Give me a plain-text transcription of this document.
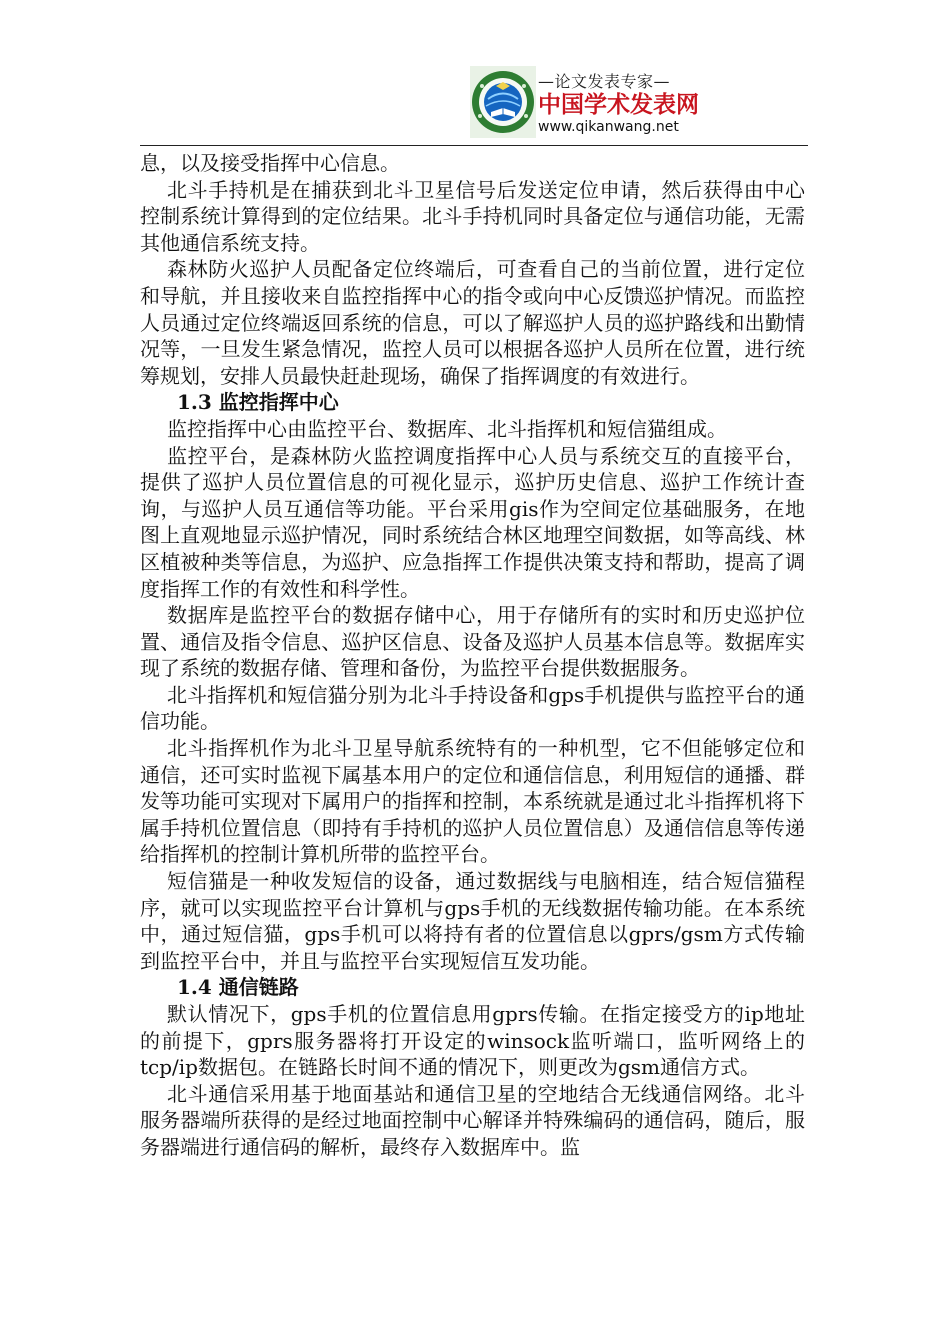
—论文发表专家—
中国学术发表网
www.qikanwang.net

息，以及接受指挥中心信息。

北斗手持机是在捕获到北斗卫星信号后发送定位申请，然后获得由中心控制系统计算得到的定位结果。北斗手持机同时具备定位与通信功能，无需其他通信系统支持。

森林防火巡护人员配备定位终端后，可查看自己的当前位置，进行定位和导航，并且接收来自监控指挥中心的指令或向中心反馈巡护情况。而监控人员通过定位终端返回系统的信息，可以了解巡护人员的巡护路线和出勤情况等，一旦发生紧急情况，监控人员可以根据各巡护人员所在位置，进行统筹规划，安排人员最快赶赴现场，确保了指挥调度的有效进行。

1.3 监控指挥中心

监控指挥中心由监控平台、数据库、北斗指挥机和短信猫组成。

监控平台，是森林防火监控调度指挥中心人员与系统交互的直接平台，提供了巡护人员位置信息的可视化显示，巡护历史信息、巡护工作统计查询，与巡护人员互通信等功能。平台采用gis作为空间定位基础服务，在地图上直观地显示巡护情况，同时系统结合林区地理空间数据，如等高线、林区植被种类等信息，为巡护、应急指挥工作提供决策支持和帮助，提高了调度指挥工作的有效性和科学性。

数据库是监控平台的数据存储中心，用于存储所有的实时和历史巡护位置、通信及指令信息、巡护区信息、设备及巡护人员基本信息等。数据库实现了系统的数据存储、管理和备份，为监控平台提供数据服务。

北斗指挥机和短信猫分别为北斗手持设备和gps手机提供与监控平台的通信功能。

北斗指挥机作为北斗卫星导航系统特有的一种机型，它不但能够定位和通信，还可实时监视下属基本用户的定位和通信信息，利用短信的通播、群发等功能可实现对下属用户的指挥和控制，本系统就是通过北斗指挥机将下属手持机位置信息（即持有手持机的巡护人员位置信息）及通信信息等传递给指挥机的控制计算机所带的监控平台。

短信猫是一种收发短信的设备，通过数据线与电脑相连，结合短信猫程序，就可以实现监控平台计算机与gps手机的无线数据传输功能。在本系统中，通过短信猫，gps手机可以将持有者的位置信息以gprs/gsm方式传输到监控平台中，并且与监控平台实现短信互发功能。

1.4 通信链路

默认情况下，gps手机的位置信息用gprs传输。在指定接受方的ip地址的前提下，gprs服务器将打开设定的winsock监听端口，监听网络上的tcp/ip数据包。在链路长时间不通的情况下，则更改为gsm通信方式。

北斗通信采用基于地面基站和通信卫星的空地结合无线通信网络。北斗服务器端所获得的是经过地面控制中心解译并特殊编码的通信码，随后，服务器端进行通信码的解析，最终存入数据库中。监
